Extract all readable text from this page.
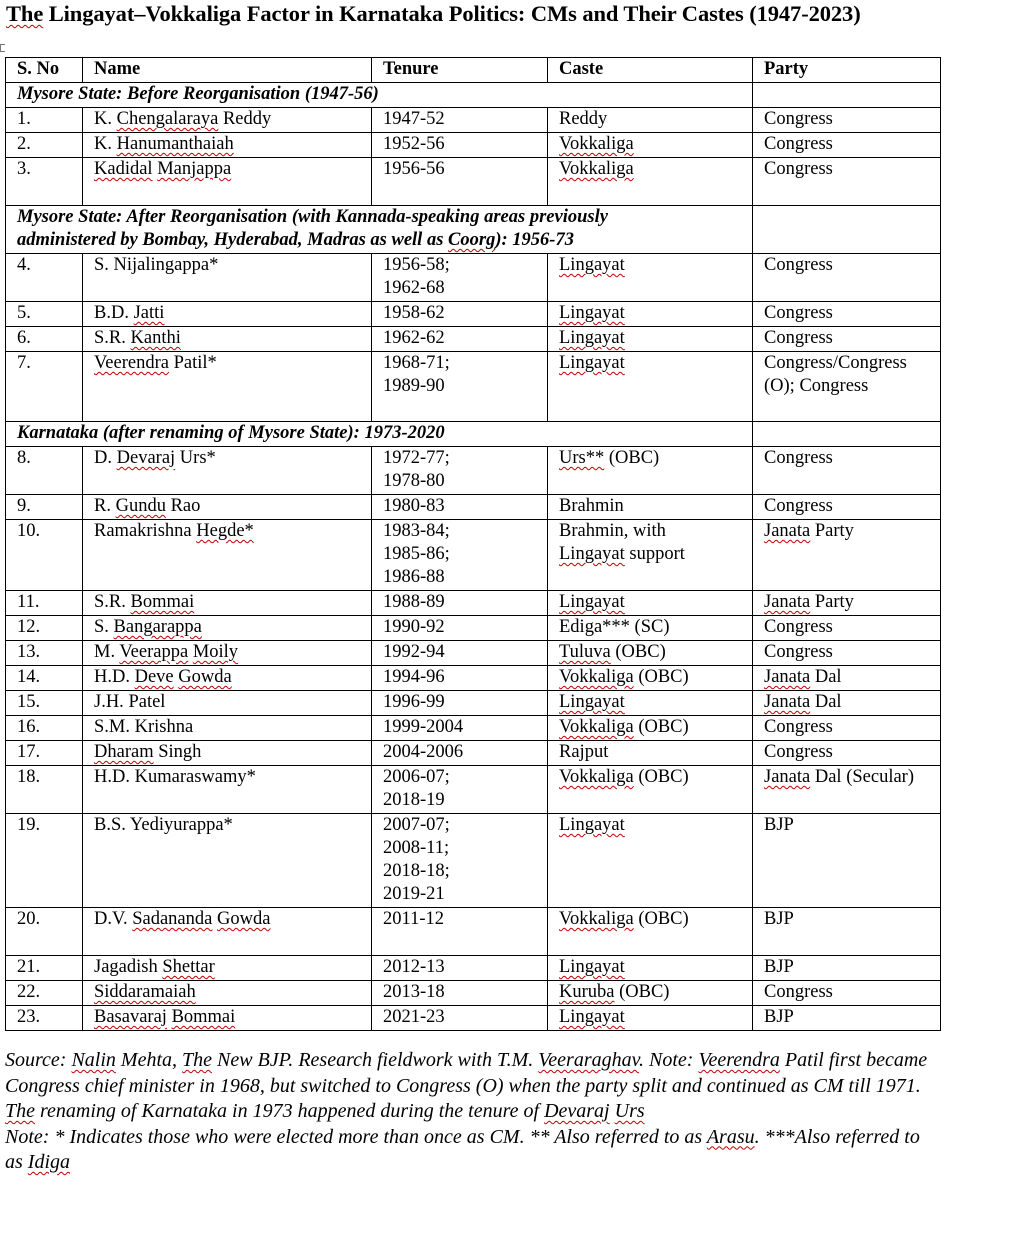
The Lingayat–Vokkaliga Factor in Karnataka Politics: CMs and Their Castes (1947-2023)
S. No	Name	Tenure	Caste	Party

Mysore State: Before Reorganisation (1947-56)				

1.	K. Chengalaraya Reddy	1947-52	Reddy	Congress

2.	K. Hanumanthaiah	1952-56	Vokkaliga	Congress

3.	Kadidal Manjappa	1956-56	Vokkaliga	Congress

Mysore State: After Reorganisation (with Kannada-speaking areas previously
administered by Bombay, Hyderabad, Madras as well as Coorg): 1956-73				

4.	S. Nijalingappa*	1956-58;
1962-68	Lingayat	Congress

5.	B.D. Jatti	1958-62	Lingayat	Congress

6.	S.R. Kanthi	1962-62	Lingayat	Congress

7.	Veerendra Patil*	1968-71;
1989-90	Lingayat	Congress/Congress
(O); Congress

Karnataka (after renaming of Mysore State): 1973-2020				

8.	D. Devaraj Urs*	1972-77;
1978-80	Urs** (OBC)	Congress

9.	R. Gundu Rao	1980-83	Brahmin	Congress

10.	Ramakrishna Hegde*	1983-84;
1985-86;
1986-88	Brahmin, with
Lingayat support	Janata Party

11.	S.R. Bommai	1988-89	Lingayat	Janata Party

12.	S. Bangarappa	1990-92	Ediga*** (SC)	Congress

13.	M. Veerappa Moily	1992-94	Tuluva (OBC)	Congress

14.	H.D. Deve Gowda	1994-96	Vokkaliga (OBC)	Janata Dal

15.	J.H. Patel	1996-99	Lingayat	Janata Dal

16.	S.M. Krishna	1999-2004	Vokkaliga (OBC)	Congress

17.	Dharam Singh	2004-2006	Rajput	Congress

18.	H.D. Kumaraswamy*	2006-07;
2018-19	Vokkaliga (OBC)	Janata Dal (Secular)

19.	B.S. Yediyurappa*	2007-07;
2008-11;
2018-18;
2019-21	Lingayat	BJP

20.	D.V. Sadananda Gowda	2011-12	Vokkaliga (OBC)	BJP

21.	Jagadish Shettar	2012-13	Lingayat	BJP

22.	Siddaramaiah	2013-18	Kuruba (OBC)	Congress

23.	Basavaraj Bommai	2021-23	Lingayat	BJP

Source: Nalin Mehta, The New BJP. Research fieldwork with T.M. Veeraraghav. Note: Veerendra Patil first became Congress chief minister in 1968, but switched to Congress (O) when the party split and continued as CM till 1971. The renaming of Karnataka in 1973 happened during the tenure of Devaraj Urs

Note: * Indicates those who were elected more than once as CM. ** Also referred to as Arasu. ***Also referred to as Idiga
